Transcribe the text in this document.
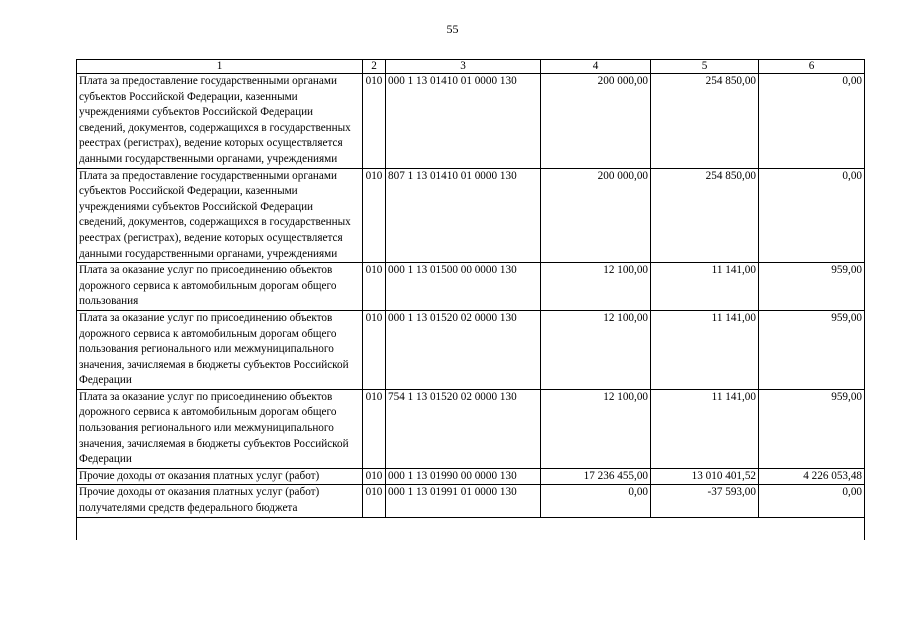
55
1	2	3	4	5	6
Плата за предоставление государственными органами субъектов Российской Федерации, казенными учреждениями субъектов Российской Федерации сведений, документов, содержащихся в государственных реестрах (регистрах), ведение которых осуществляется данными государственными органами, учреждениями	010	000 1 13 01410 01 0000 130	200 000,00	254 850,00	0,00
Плата за предоставление государственными органами субъектов Российской Федерации, казенными учреждениями субъектов Российской Федерации сведений, документов, содержащихся в государственных реестрах (регистрах), ведение которых осуществляется данными государственными органами, учреждениями	010	807 1 13 01410 01 0000 130	200 000,00	254 850,00	0,00
Плата за оказание услуг по присоединению объектов дорожного сервиса к автомобильным дорогам общего пользования	010	000 1 13 01500 00 0000 130	12 100,00	11 141,00	959,00
Плата за оказание услуг по присоединению объектов дорожного сервиса к автомобильным дорогам общего пользования регионального или межмуниципального значения, зачисляемая в бюджеты субъектов Российской Федерации	010	000 1 13 01520 02 0000 130	12 100,00	11 141,00	959,00
Плата за оказание услуг по присоединению объектов дорожного сервиса к автомобильным дорогам общего пользования регионального или межмуниципального значения, зачисляемая в бюджеты субъектов Российской Федерации	010	754 1 13 01520 02 0000 130	12 100,00	11 141,00	959,00
Прочие доходы от оказания платных услуг (работ)	010	000 1 13 01990 00 0000 130	17 236 455,00	13 010 401,52	4 226 053,48
Прочие доходы от оказания платных услуг (работ) получателями средств федерального бюджета	010	000 1 13 01991 01 0000 130	0,00	-37 593,00	0,00
